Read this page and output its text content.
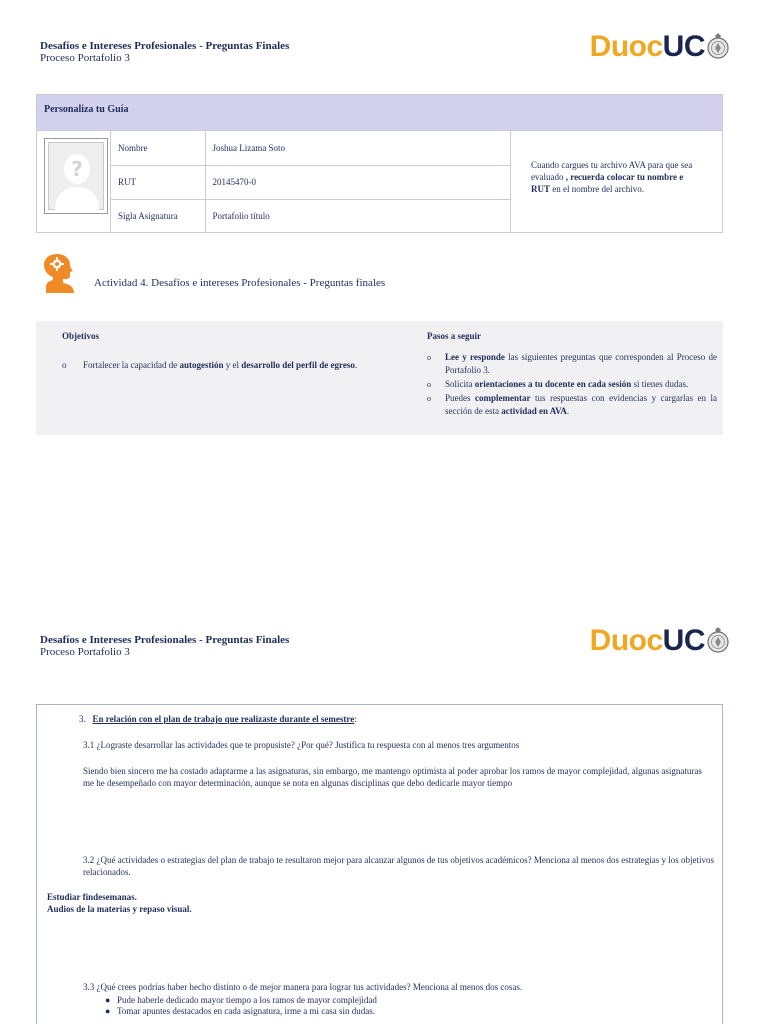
Desafíos e Intereses Profesionales - Preguntas Finales
Proceso Portafolio 3	Duoc UC
Personaliza tu Guía
?
Nombre	Joshua Lizama Soto
RUT	20145470-0
Sigla Asignatura	Portafolio título
Cuando cargues tu archivo AVA para que sea evaluado , recuerda colocar tu nombre e RUT en el nombre del archivo.
Actividad 4. Desafíos e intereses Profesionales - Preguntas finales
Objetivos
o	Fortalecer la capacidad de autogestión y el desarrollo del perfil de egreso.
Pasos a seguir
o	Lee y responde las siguientes preguntas que corresponden al Proceso de Portafolio 3.
o	Solicita orientaciones a tu docente en cada sesión si tienes dudas.
o	Puedes complementar tus respuestas con evidencias y cargarlas en la sección de esta actividad en AVA.
Desafíos e Intereses Profesionales - Preguntas Finales
Proceso Portafolio 3	Duoc UC
3. En relación con el plan de trabajo que realizaste durante el semestre:
3.1 ¿Lograste desarrollar las actividades que te propusiste? ¿Por qué? Justifica tu respuesta con al menos tres argumentos
Siendo bien sincero me ha costado adaptarme a las asignaturas, sin embargo, me mantengo optimista al poder aprobar los ramos de mayor complejidad, algunas asignaturas me he desempeñado con mayor determinación, aunque se nota en algunas disciplinas que debo dedicarle mayor tiempo
3.2 ¿Qué actividades o estrategias del plan de trabajo te resultaron mejor para alcanzar algunos de tus objetivos académicos? Menciona al menos dos estrategias y los objetivos relacionados.
Estudiar findesemanas.
Audios de la materias y repaso visual.
3.3 ¿Qué crees podrías haber hecho distinto o de mejor manera para lograr tus actividades? Menciona al menos dos cosas.
● Pude haberle dedicado mayor tiempo a los ramos de mayor complejidad
● Tomar apuntes destacados en cada asignatura, irme a mi casa sin dudas.
